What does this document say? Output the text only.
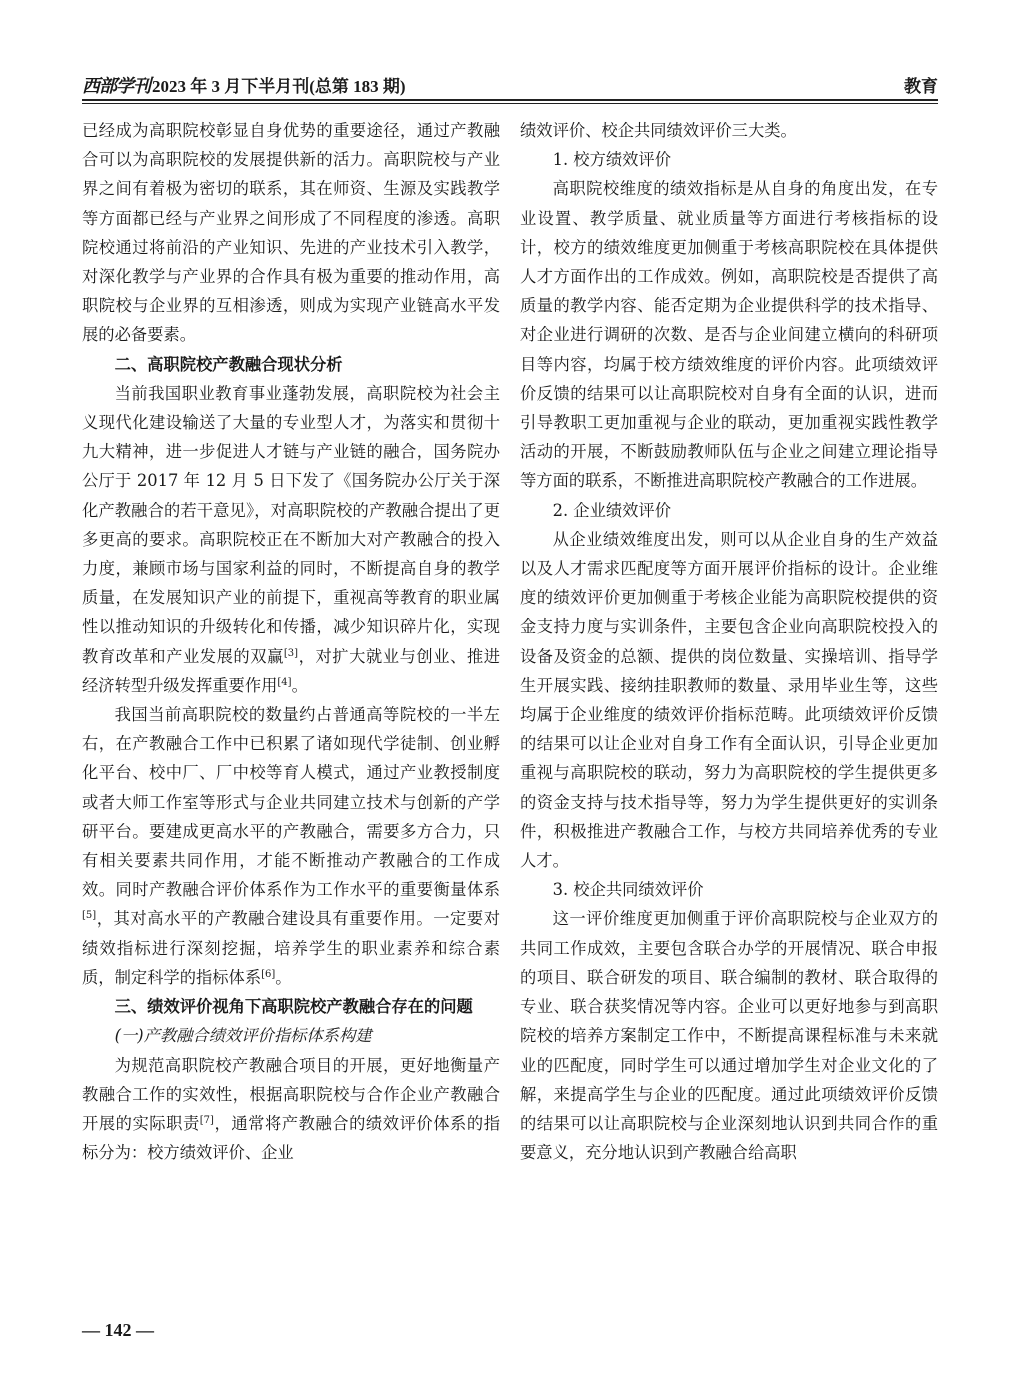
西部学刊 2023 年 3 月下半月刊(总第 183 期)	教育

已经成为高职院校彰显自身优势的重要途径，通过产教融合可以为高职院校的发展提供新的活力。高职院校与产业界之间有着极为密切的联系，其在师资、生源及实践教学等方面都已经与产业界之间形成了不同程度的渗透。高职院校通过将前沿的产业知识、先进的产业技术引入教学，对深化教学与产业界的合作具有极为重要的推动作用，高职院校与企业界的互相渗透，则成为实现产业链高水平发展的必备要素。

二、高职院校产教融合现状分析

当前我国职业教育事业蓬勃发展，高职院校为社会主义现代化建设输送了大量的专业型人才，为落实和贯彻十九大精神，进一步促进人才链与产业链的融合，国务院办公厅于 2017 年 12 月 5 日下发了《国务院办公厅关于深化产教融合的若干意见》，对高职院校的产教融合提出了更多更高的要求。高职院校正在不断加大对产教融合的投入力度，兼顾市场与国家利益的同时，不断提高自身的教学质量，在发展知识产业的前提下，重视高等教育的职业属性以推动知识的升级转化和传播，减少知识碎片化，实现教育改革和产业发展的双赢[3]，对扩大就业与创业、推进经济转型升级发挥重要作用[4]。

我国当前高职院校的数量约占普通高等院校的一半左右，在产教融合工作中已积累了诸如现代学徒制、创业孵化平台、校中厂、厂中校等育人模式，通过产业教授制度或者大师工作室等形式与企业共同建立技术与创新的产学研平台。要建成更高水平的产教融合，需要多方合力，只有相关要素共同作用，才能不断推动产教融合的工作成效。同时产教融合评价体系作为工作水平的重要衡量体系[5]，其对高水平的产教融合建设具有重要作用。一定要对绩效指标进行深刻挖掘，培养学生的职业素养和综合素质，制定科学的指标体系[6]。

三、绩效评价视角下高职院校产教融合存在的问题
(一)产教融合绩效评价指标体系构建

为规范高职院校产教融合项目的开展，更好地衡量产教融合工作的实效性，根据高职院校与合作企业产教融合开展的实际职责[7]，通常将产教融合的绩效评价体系的指标分为：校方绩效评价、企业

绩效评价、校企共同绩效评价三大类。

1. 校方绩效评价

高职院校维度的绩效指标是从自身的角度出发，在专业设置、教学质量、就业质量等方面进行考核指标的设计，校方的绩效维度更加侧重于考核高职院校在具体提供人才方面作出的工作成效。例如，高职院校是否提供了高质量的教学内容、能否定期为企业提供科学的技术指导、对企业进行调研的次数、是否与企业间建立横向的科研项目等内容，均属于校方绩效维度的评价内容。此项绩效评价反馈的结果可以让高职院校对自身有全面的认识，进而引导教职工更加重视与企业的联动，更加重视实践性教学活动的开展，不断鼓励教师队伍与企业之间建立理论指导等方面的联系，不断推进高职院校产教融合的工作进展。

2. 企业绩效评价

从企业绩效维度出发，则可以从企业自身的生产效益以及人才需求匹配度等方面开展评价指标的设计。企业维度的绩效评价更加侧重于考核企业能为高职院校提供的资金支持力度与实训条件，主要包含企业向高职院校投入的设备及资金的总额、提供的岗位数量、实操培训、指导学生开展实践、接纳挂职教师的数量、录用毕业生等，这些均属于企业维度的绩效评价指标范畴。此项绩效评价反馈的结果可以让企业对自身工作有全面认识，引导企业更加重视与高职院校的联动，努力为高职院校的学生提供更多的资金支持与技术指导等，努力为学生提供更好的实训条件，积极推进产教融合工作，与校方共同培养优秀的专业人才。

3. 校企共同绩效评价

这一评价维度更加侧重于评价高职院校与企业双方的共同工作成效，主要包含联合办学的开展情况、联合申报的项目、联合研发的项目、联合编制的教材、联合取得的专业、联合获奖情况等内容。企业可以更好地参与到高职院校的培养方案制定工作中，不断提高课程标准与未来就业的匹配度，同时学生可以通过增加学生对企业文化的了解，来提高学生与企业的匹配度。通过此项绩效评价反馈的结果可以让高职院校与企业深刻地认识到共同合作的重要意义，充分地认识到产教融合给高职

— 142 —
